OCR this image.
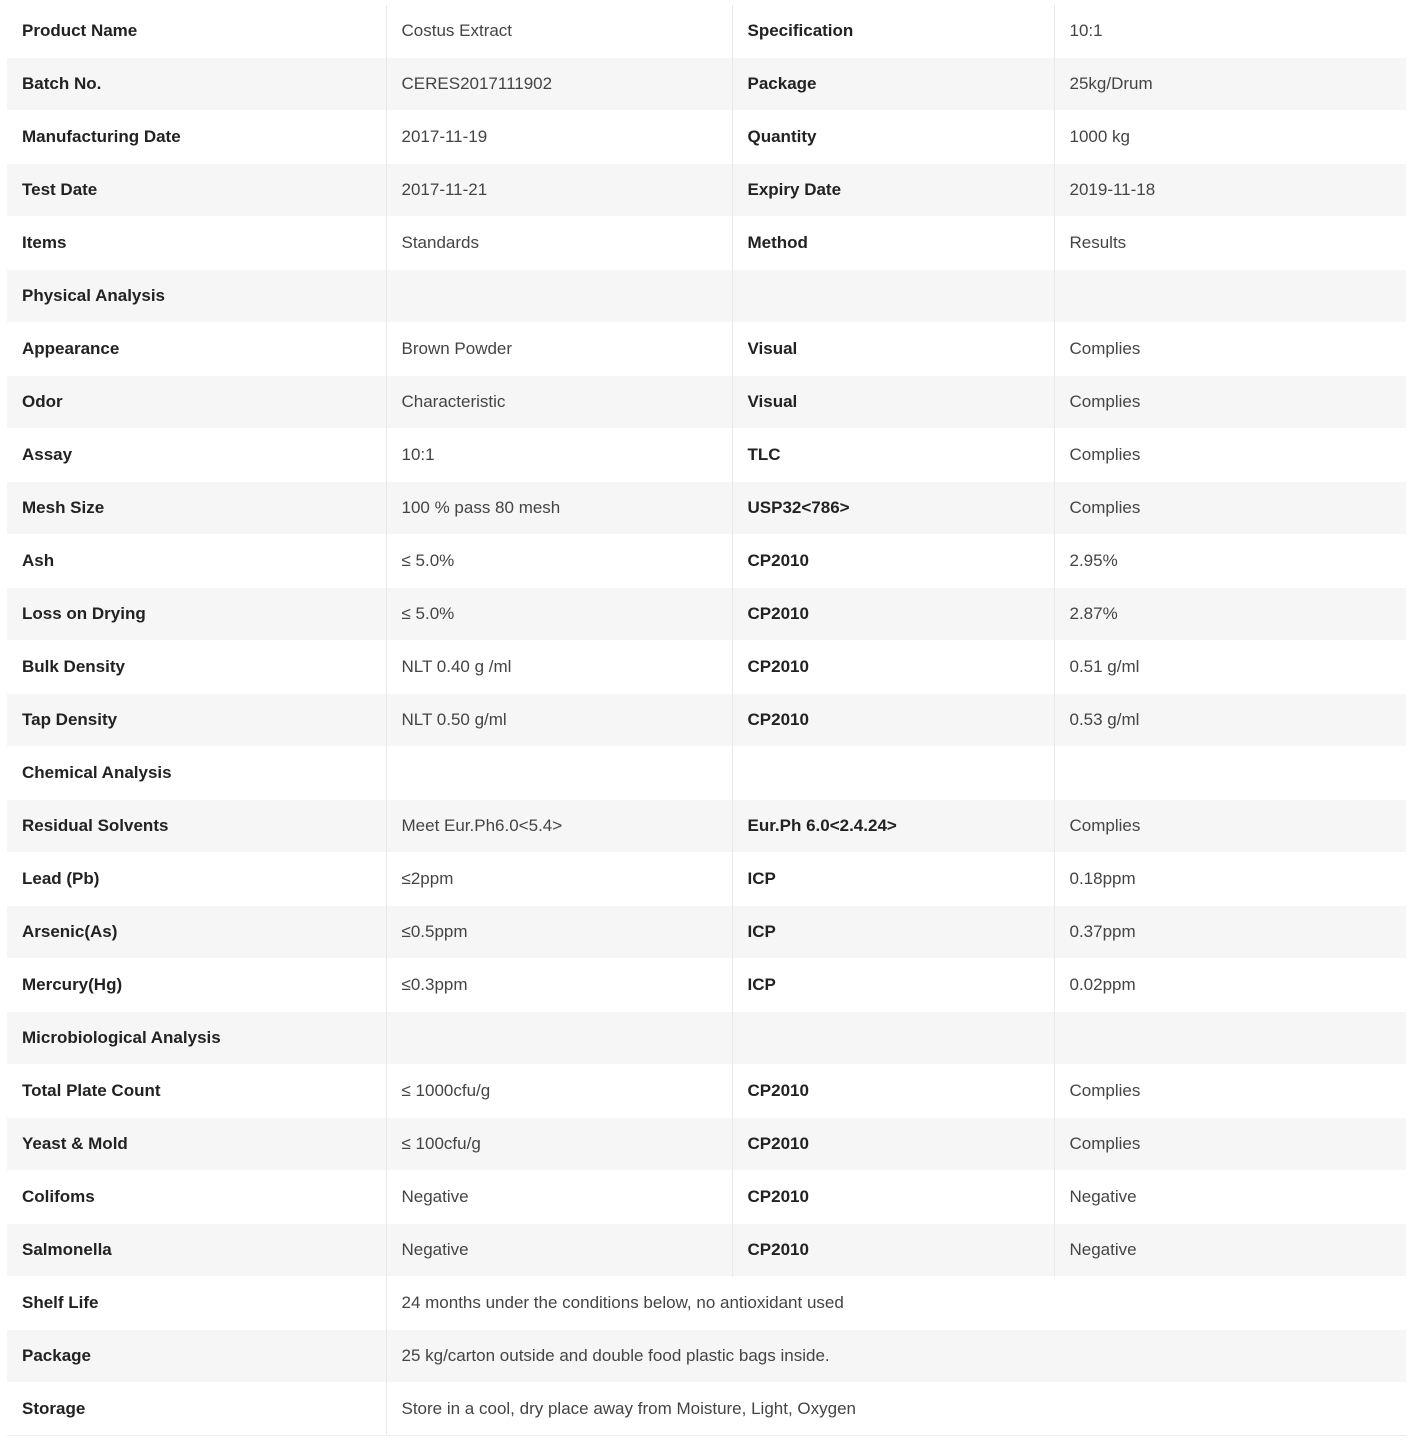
Product Name	Costus Extract	Specification	10:1
Batch No.	CERES2017111902	Package	25kg/Drum
Manufacturing Date	2017-11-19	Quantity	1000 kg
Test Date	2017-11-21	Expiry Date	2019-11-18
Items	Standards	Method	Results
Physical Analysis			
Appearance	Brown Powder	Visual	Complies
Odor	Characteristic	Visual	Complies
Assay	10:1	TLC	Complies
Mesh Size	100 % pass 80 mesh	USP32<786>	Complies
Ash	≤ 5.0%	CP2010	2.95%
Loss on Drying	≤ 5.0%	CP2010	2.87%
Bulk Density	NLT 0.40 g /ml	CP2010	0.51 g/ml
Tap Density	NLT 0.50 g/ml	CP2010	0.53 g/ml
Chemical Analysis			
Residual Solvents	Meet Eur.Ph6.0<5.4>	Eur.Ph 6.0<2.4.24>	Complies
Lead (Pb)	≤2ppm	ICP	0.18ppm
Arsenic(As)	≤0.5ppm	ICP	0.37ppm
Mercury(Hg)	≤0.3ppm	ICP	0.02ppm
Microbiological Analysis			
Total Plate Count	≤ 1000cfu/g	CP2010	Complies
Yeast & Mold	≤ 100cfu/g	CP2010	Complies
Colifoms	Negative	CP2010	Negative
Salmonella	Negative	CP2010	Negative
Shelf Life	24 months under the conditions below, no antioxidant used		
Package	25 kg/carton outside and double food plastic bags inside.		
Storage	Store in a cool, dry place away from Moisture, Light, Oxygen		
